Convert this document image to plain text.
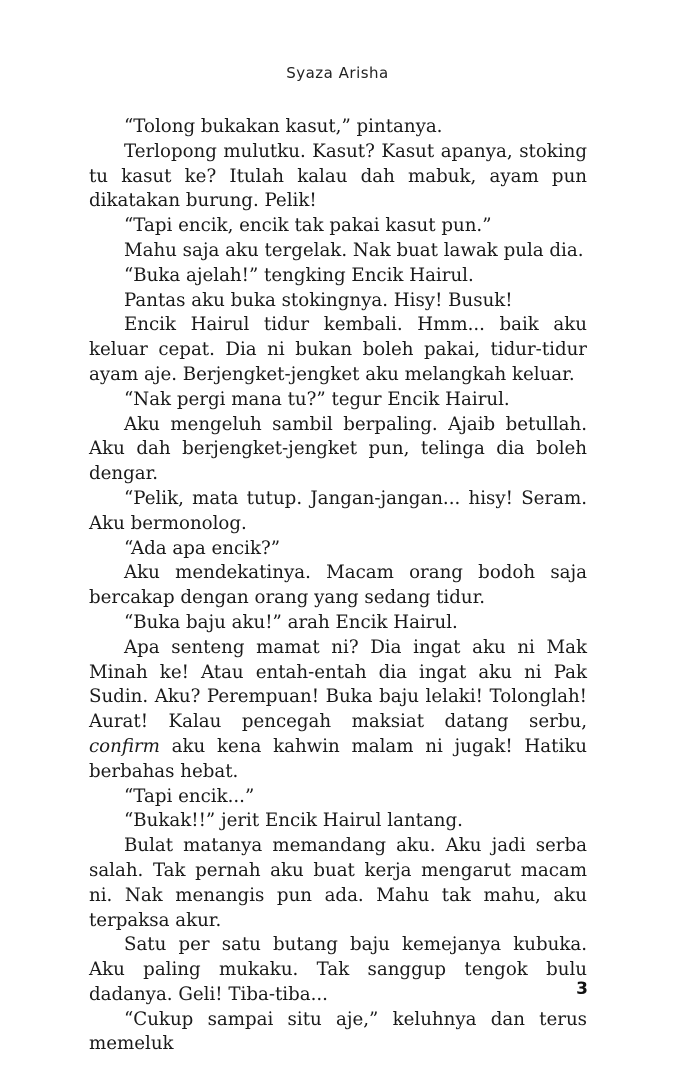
Syaza Arisha

“Tolong bukakan kasut,” pintanya.

Terlopong mulutku. Kasut? Kasut apanya, stoking tu kasut ke? Itulah kalau dah mabuk, ayam pun dikatakan burung. Pelik!

“Tapi encik, encik tak pakai kasut pun.”

Mahu saja aku tergelak. Nak buat lawak pula dia.

“Buka ajelah!” tengking Encik Hairul.

Pantas aku buka stokingnya. Hisy! Busuk!

Encik Hairul tidur kembali. Hmm... baik aku keluar cepat. Dia ni bukan boleh pakai, tidur-tidur ayam aje. Berjengket-jengket aku melangkah keluar.

“Nak pergi mana tu?” tegur Encik Hairul.

Aku mengeluh sambil berpaling. Ajaib betullah. Aku dah berjengket-jengket pun, telinga dia boleh dengar.

“Pelik, mata tutup. Jangan-jangan... hisy! Seram. Aku bermonolog.

“Ada apa encik?”

Aku mendekatinya. Macam orang bodoh saja bercakap dengan orang yang sedang tidur.

“Buka baju aku!” arah Encik Hairul.

Apa senteng mamat ni? Dia ingat aku ni Mak Minah ke! Atau entah-entah dia ingat aku ni Pak Sudin. Aku? Perempuan! Buka baju lelaki! Tolonglah! Aurat! Kalau pencegah maksiat datang serbu, confirm aku kena kahwin malam ni jugak! Hatiku berbahas hebat.

“Tapi encik...”

“Bukak!!” jerit Encik Hairul lantang.

Bulat matanya memandang aku. Aku jadi serba salah. Tak pernah aku buat kerja mengarut macam ni. Nak menangis pun ada. Mahu tak mahu, aku terpaksa akur.

Satu per satu butang baju kemejanya kubuka. Aku paling mukaku. Tak sanggup tengok bulu dadanya. Geli! Tiba-tiba...

“Cukup sampai situ aje,” keluhnya dan terus memeluk

3
